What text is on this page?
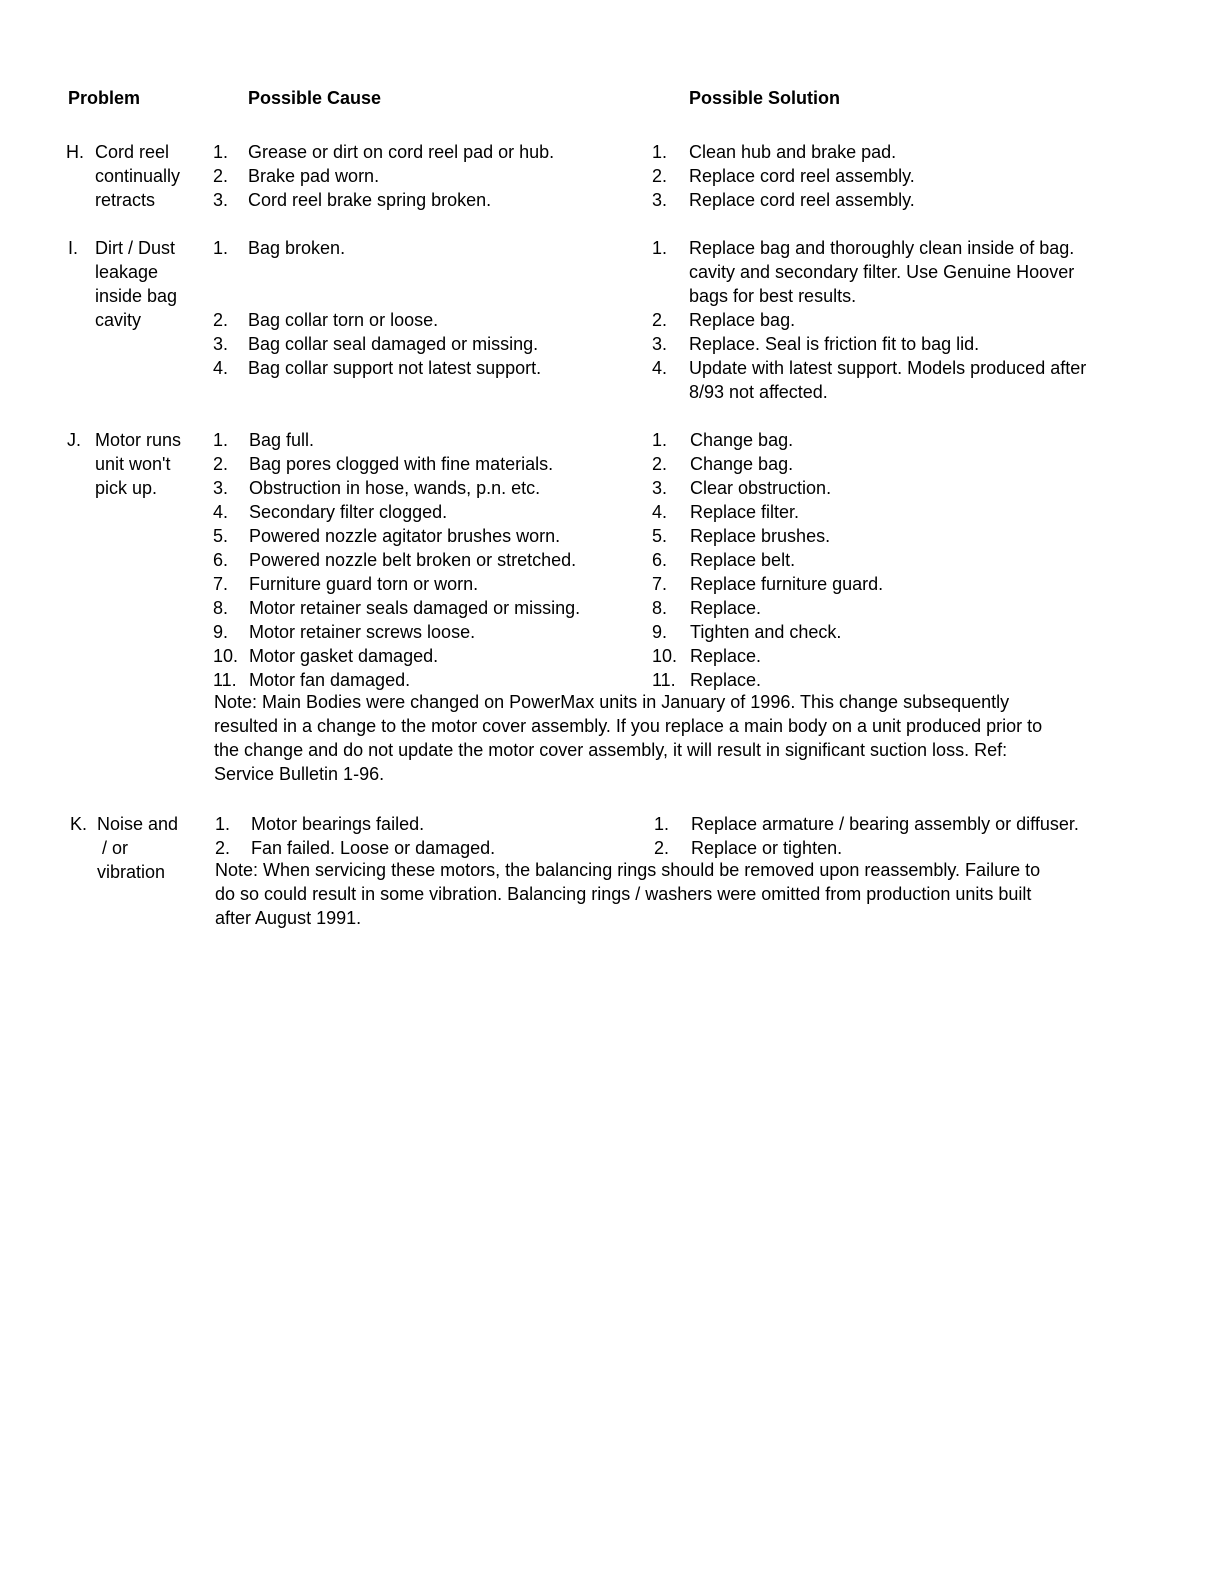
Problem	Possible Cause	Possible Solution
H. Cord reel
continually
retracts
1. Grease or dirt on cord reel pad or hub.
2. Brake pad worn.
3. Cord reel brake spring broken.
1. Clean hub and brake pad.
2. Replace cord reel assembly.
3. Replace cord reel assembly.
I. Dirt / Dust
leakage
inside bag
cavity
1. Bag broken.
2. Bag collar torn or loose.
3. Bag collar seal damaged or missing.
4. Bag collar support not latest support.
1. Replace bag and thoroughly clean inside of bag.
cavity and secondary filter. Use Genuine Hoover
bags for best results.
2. Replace bag.
3. Replace. Seal is friction fit to bag lid.
4. Update with latest support. Models produced after
8/93 not affected.
J. Motor runs
unit won't
pick up.
1. Bag full.
2. Bag pores clogged with fine materials.
3. Obstruction in hose, wands, p.n. etc.
4. Secondary filter clogged.
5. Powered nozzle agitator brushes worn.
6. Powered nozzle belt broken or stretched.
7. Furniture guard torn or worn.
8. Motor retainer seals damaged or missing.
9. Motor retainer screws loose.
10. Motor gasket damaged.
11. Motor fan damaged.
1. Change bag.
2. Change bag.
3. Clear obstruction.
4. Replace filter.
5. Replace brushes.
6. Replace belt.
7. Replace furniture guard.
8. Replace.
9. Tighten and check.
10. Replace.
11. Replace.
Note: Main Bodies were changed on PowerMax units in January of 1996. This change subsequently
resulted in a change to the motor cover assembly. If you replace a main body on a unit produced prior to
the change and do not update the motor cover assembly, it will result in significant suction loss. Ref:
Service Bulletin 1-96.
K. Noise and
/ or
vibration
1. Motor bearings failed.
2. Fan failed. Loose or damaged.
1. Replace armature / bearing assembly or diffuser.
2. Replace or tighten.
Note: When servicing these motors, the balancing rings should be removed upon reassembly. Failure to
do so could result in some vibration. Balancing rings / washers were omitted from production units built
after August 1991.
